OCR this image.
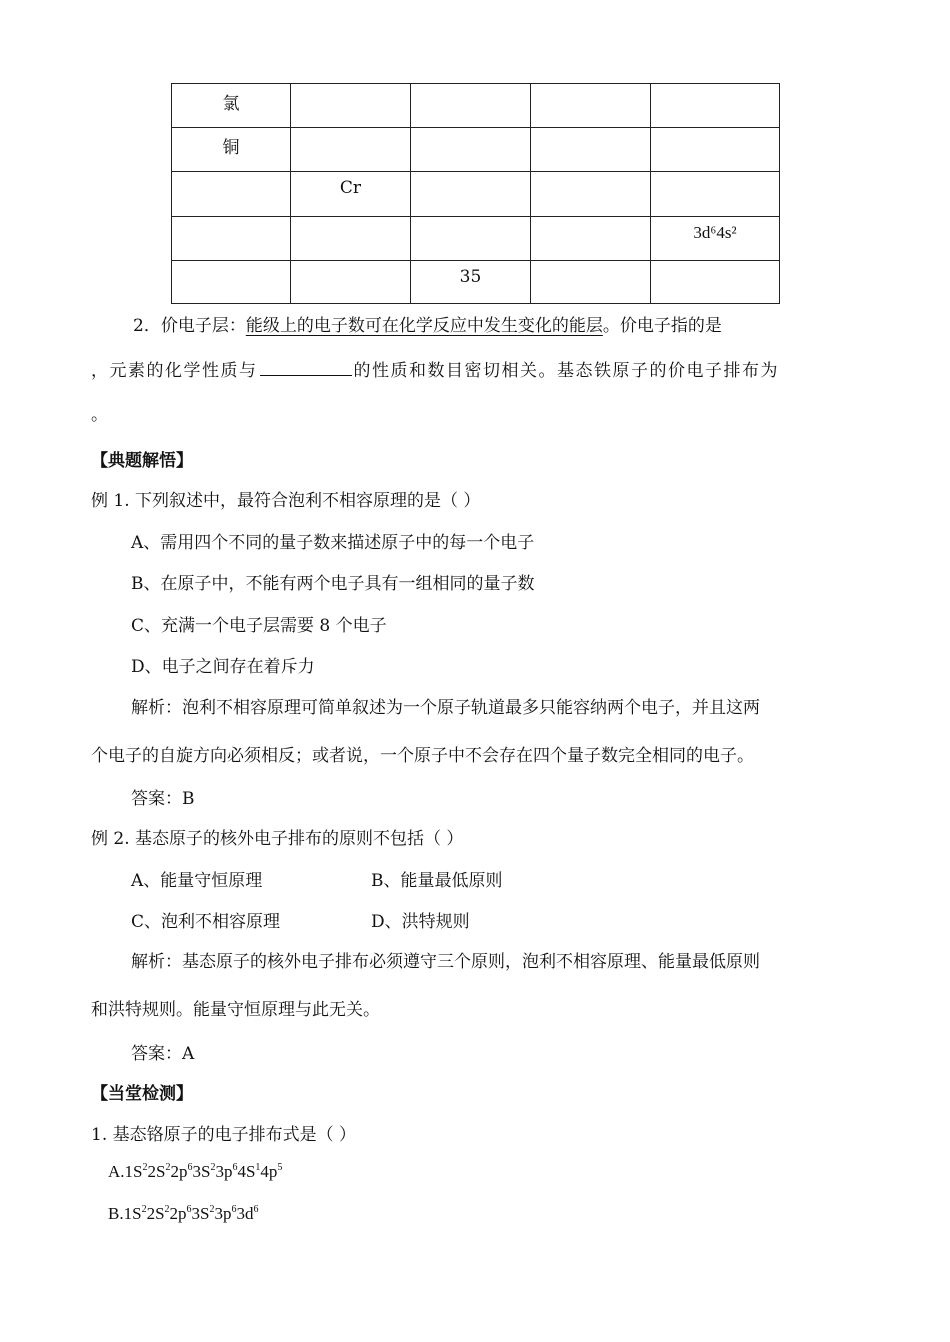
氯				

铜				

	Cr			

				3d⁶4s²

		35		

2．价电子层：能级上的电子数可在化学反应中发生变化的能层。价电子指的是
，元素的化学性质与	的性质和数目密切相关。基态铁原子的价电子排布为
。
【典题解悟】
例 1. 下列叙述中，最符合泡利不相容原理的是（ ）
A、需用四个不同的量子数来描述原子中的每一个电子
B、在原子中，不能有两个电子具有一组相同的量子数
C、充满一个电子层需要 8 个电子
D、电子之间存在着斥力
解析：泡利不相容原理可简单叙述为一个原子轨道最多只能容纳两个电子，并且这两
个电子的自旋方向必须相反；或者说，一个原子中不会存在四个量子数完全相同的电子。
答案：B
例 2. 基态原子的核外电子排布的原则不包括（ ）
A、能量守恒原理	B、能量最低原则
C、泡利不相容原理	D、洪特规则
解析：基态原子的核外电子排布必须遵守三个原则，泡利不相容原理、能量最低原则
和洪特规则。能量守恒原理与此无关。
答案：A
【当堂检测】
1. 基态铬原子的电子排布式是（ ）
$A.1S^22S^22p^63S^23p^64S^14p^5$
$B.1S^22S^22p^63S^23p^63d^6$
